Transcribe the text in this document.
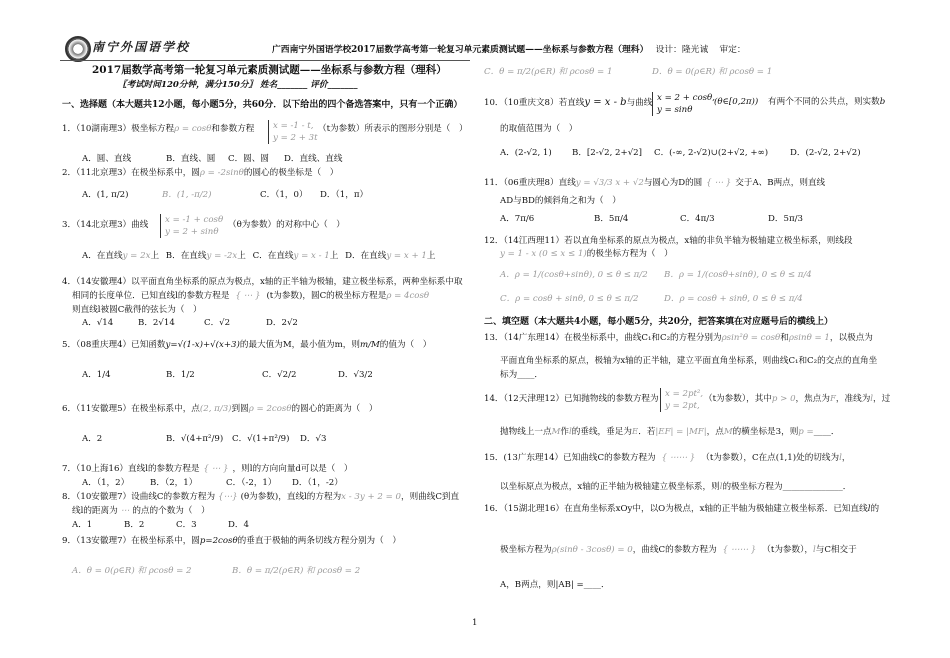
南宁外国语学校	广西南宁外国语学校2017届数学高考第一轮复习单元素质测试题——坐标系与参数方程（理科） 设计：隆光诚 审定：
2017届数学高考第一轮复习单元素质测试题——坐标系与参数方程（理科）
〖考试时间120分钟，满分150分〗 姓名_______ 评价_______
一、选择题（本大题共12小题，每小题5分，共60分．以下给出的四个备选答案中，只有一个正确）
1．（10湖南理3）极坐标方程ρ = cosθ和参数方程 x = -1 - t,
y = 2 + 3t
（t为参数）所表示的图形分别是（　）
A．圆、直线	B．直线、圆 C．圆、圆 D．直线、直线
2．（11北京理3）在极坐标系中，圆ρ = -2sinθ的圆心的极坐标是（　）
A．(1, π/2)	B．(1, -π/2)	C．（1，0） D．（1，π）
3．（14北京理3）曲线 x = -1 + cosθ
y = 2 + sinθ
（θ为参数）的对称中心（　）
A．在直线y = 2x上 B．在直线y = -2x上 C．在直线y = x - 1上 D．在直线y = x + 1上
4．（14安徽理4）以平面直角坐标系的原点为极点，x轴的正半轴为极轴，建立极坐标系，两种坐标系中取
相同的长度单位．已知直线l的参数方程是 { ⋯ } (t为参数)，圆C的极坐标方程是ρ = 4cosθ
则直线l被圆C截得的弦长为（　）
A．√14	B．2√14	C．√2	D．2√2
5．（08重庆理4）已知函数y=√(1-x)+√(x+3)的最大值为M，最小值为m，则m/M的值为（　）
A．1/4	B．1/2	C．√2/2	D．√3/2
6．（11安徽理5）在极坐标系中，点(2, π/3)到圆ρ = 2cosθ的圆心的距离为（　）
A．2	B．√(4+π²/9) C．√(1+π²/9) D．√3
7．（10上海16）直线l的参数方程是 { ⋯ } ，则l的方向向量d可以是（　）
A．（1，2） B．（2，1）	C．（-2，1） D．（1，-2）
8．（10安徽理7）设曲线C的参数方程为 {⋯} (θ为参数)，直线l的方程为x - 3y + 2 = 0，则曲线C到直
线l的距离为 ⋯ 的点的个数为（　）
A．1	B．2	C．3	D．4
9．（13安徽理7）在极坐标系中，圆p=2cosθ的垂直于极轴的两条切线方程分别为（　）
A．θ = 0(ρ∈R) 和 ρcosθ = 2	B．θ = π/2(ρ∈R) 和 ρcosθ = 2
C．θ = π/2(ρ∈R) 和 ρcosθ = 1	D．θ = 0(ρ∈R) 和 ρcosθ = 1
10．（10重庆文8）若直线y = x - b与曲线 x = 2 + cosθ,
y = sinθ
(θ∈[0,2π)) 有两个不同的公共点，则实数b
的取值范围为（　）
A．(2-√2, 1) B．[2-√2, 2+√2] C．(-∞, 2-√2)∪(2+√2, +∞)	D．(2-√2, 2+√2)
11．（06重庆理8）直线y = √3/3 x + √2与圆心为D的圆 { ⋯ } 交于A、B两点，则直线
AD与BD的倾斜角之和为（　）
A．7π/6	B．5π/4	C．4π/3	D．5π/3
12．（14江西理11）若以直角坐标系的原点为极点，x轴的非负半轴为极轴建立极坐标系，则线段
y = 1 - x (0 ≤ x ≤ 1)的极坐标方程为（　）
A．ρ = 1/(cosθ+sinθ), 0 ≤ θ ≤ π/2 B．ρ = 1/(cosθ+sinθ), 0 ≤ θ ≤ π/4
C．ρ = cosθ + sinθ, 0 ≤ θ ≤ π/2	D．ρ = cosθ + sinθ, 0 ≤ θ ≤ π/4
二、填空题（本大题共4小题，每小题5分，共20分，把答案填在对应题号后的横线上）
13．（14广东理14）在极坐标系中，曲线C₁和C₂的方程分别为ρsin²θ = cosθ和ρsinθ = 1，以极点为
平面直角坐标系的原点，极轴为x轴的正半轴，建立平面直角坐标系，则曲线C₁和C₂的交点的直角坐
标为____．
14．（12天津理12）已知抛物线的参数方程为 x = 2pt²,
y = 2pt,
（t为参数），其中p > 0，焦点为F，准线为l，过
抛物线上一点M作l的垂线，垂足为E．若|EF| = |MF|，点M的横坐标是3，则p =____．
15．(13广东理14）已知曲线C的参数方程为 { ⋯⋯ } （t为参数），C在点(1,1)处的切线为l，
以坐标原点为极点，x轴的正半轴为极轴建立极坐标系，则l的极坐标方程为______________．
16．（15湖北理16）在直角坐标系xOy中，以O为极点，x轴的正半轴为极轴建立极坐标系．已知直线l的
极坐标方程为ρ(sinθ - 3cosθ) = 0，曲线C的参数方程为 { ⋯⋯ } （t为参数），l与C相交于
A，B两点，则|AB| =____．
1
